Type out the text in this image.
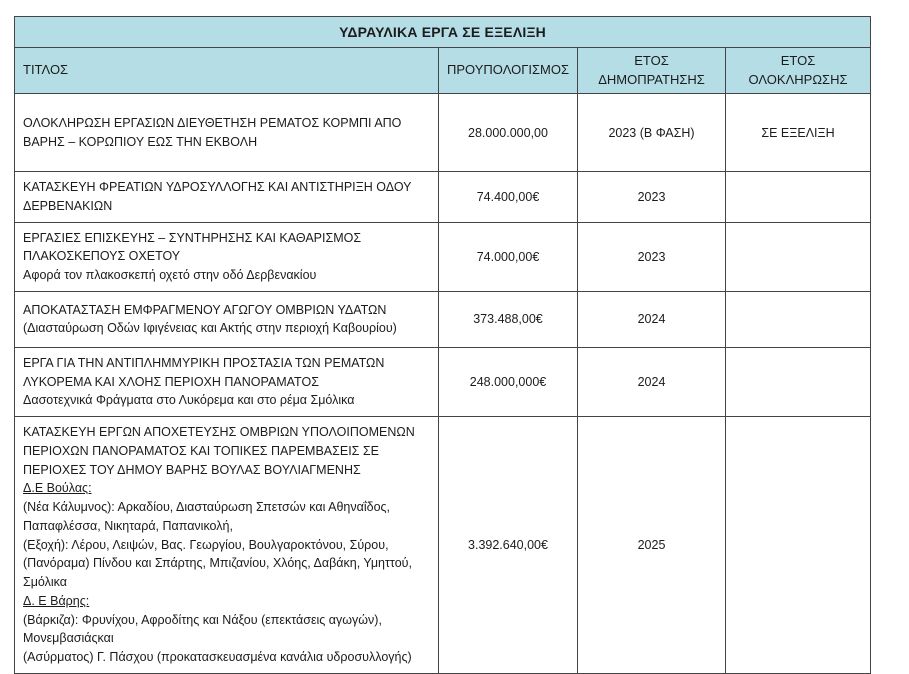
ΥΔΡΑΥΛΙΚΑ ΕΡΓΑ ΣΕ ΕΞΕΛΙΞΗ			
ΤΙΤΛΟΣ	ΠΡΟΥΠΟΛΟΓΙΣΜΟΣ	ΕΤΟΣ ΔΗΜΟΠΡΑΤΗΣΗΣ	ΕΤΟΣ ΟΛΟΚΛΗΡΩΣΗΣ

ΟΛΟΚΛΗΡΩΣΗ ΕΡΓΑΣΙΩΝ ΔΙΕΥΘΕΤΗΣΗ ΡΕΜΑΤΟΣ ΚΟΡΜΠΙ ΑΠΟ ΒΑΡΗΣ – ΚΟΡΩΠΙΟΥ ΕΩΣ ΤΗΝ ΕΚΒΟΛΗ	28.000.000,00	2023 (Β ΦΑΣΗ)	ΣΕ ΕΞΕΛΙΞΗ

ΚΑΤΑΣΚΕΥΗ ΦΡΕΑΤΙΩΝ ΥΔΡΟΣΥΛΛΟΓΗΣ ΚΑΙ ΑΝΤΙΣΤΗΡΙΞΗ ΟΔΟΥ ΔΕΡΒΕΝΑΚΙΩΝ	74.400,00€	2023	

ΕΡΓΑΣΙΕΣ ΕΠΙΣΚΕΥΗΣ – ΣΥΝΤΗΡΗΣΗΣ ΚΑΙ ΚΑΘΑΡΙΣΜΟΣ ΠΛΑΚΟΣΚΕΠΟΥΣ ΟΧΕΤΟΥ
Αφορά τον πλακοσκεπή οχετό στην οδό Δερβενακίου	74.000,00€	2023	

ΑΠΟΚΑΤΑΣΤΑΣΗ ΕΜΦΡΑΓΜΕΝΟΥ ΑΓΩΓΟΥ ΟΜΒΡΙΩΝ ΥΔΑΤΩΝ
(Διασταύρωση Οδών Ιφιγένειας και Ακτής στην περιοχή Καβουρίου)	373.488,00€	2024	

ΕΡΓΑ ΓΙΑ ΤΗΝ ΑΝΤΙΠΛΗΜΜΥΡΙΚΗ ΠΡΟΣΤΑΣΙΑ ΤΩΝ ΡΕΜΑΤΩΝ ΛΥΚΟΡΕΜΑ ΚΑΙ ΧΛΟΗΣ ΠΕΡΙΟΧΗ ΠΑΝΟΡΑΜΑΤΟΣ
Δασοτεχνικά Φράγματα στο Λυκόρεμα και στο ρέμα Σμόλικα	248.000,000€	2024	

ΚΑΤΑΣΚΕΥΗ ΕΡΓΩΝ ΑΠΟΧΕΤΕΥΣΗΣ ΟΜΒΡΙΩΝ ΥΠΟΛΟΙΠΟΜΕΝΩΝ ΠΕΡΙΟΧΩΝ ΠΑΝΟΡΑΜΑΤΟΣ ΚΑΙ ΤΟΠΙΚΕΣ ΠΑΡΕΜΒΑΣΕΙΣ ΣΕ ΠΕΡΙΟΧΕΣ ΤΟΥ ΔΗΜΟΥ ΒΑΡΗΣ ΒΟΥΛΑΣ ΒΟΥΛΙΑΓΜΕΝΗΣ
Δ.Ε Βούλας:
(Νέα Κάλυμνος): Αρκαδίου, Διασταύρωση Σπετσών και Αθηναΐδος, Παπαφλέσσα, Νικηταρά, Παπανικολή,
(Εξοχή): Λέρου, Λειψών, Βας. Γεωργίου, Βουλγαροκτόνου, Σύρου,
(Πανόραμα) Πίνδου και Σπάρτης, Μπιζανίου, Χλόης, Δαβάκη, Υμηττού, Σμόλικα
Δ. Ε Βάρης:
(Βάρκιζα): Φρυνίχου, Αφροδίτης και Νάξου (επεκτάσεις αγωγών),
Μονεμβασιάςκαι
(Ασύρματος) Γ. Πάσχου (προκατασκευασμένα κανάλια υδροσυλλογής)
	3.392.640,00€	2025	
